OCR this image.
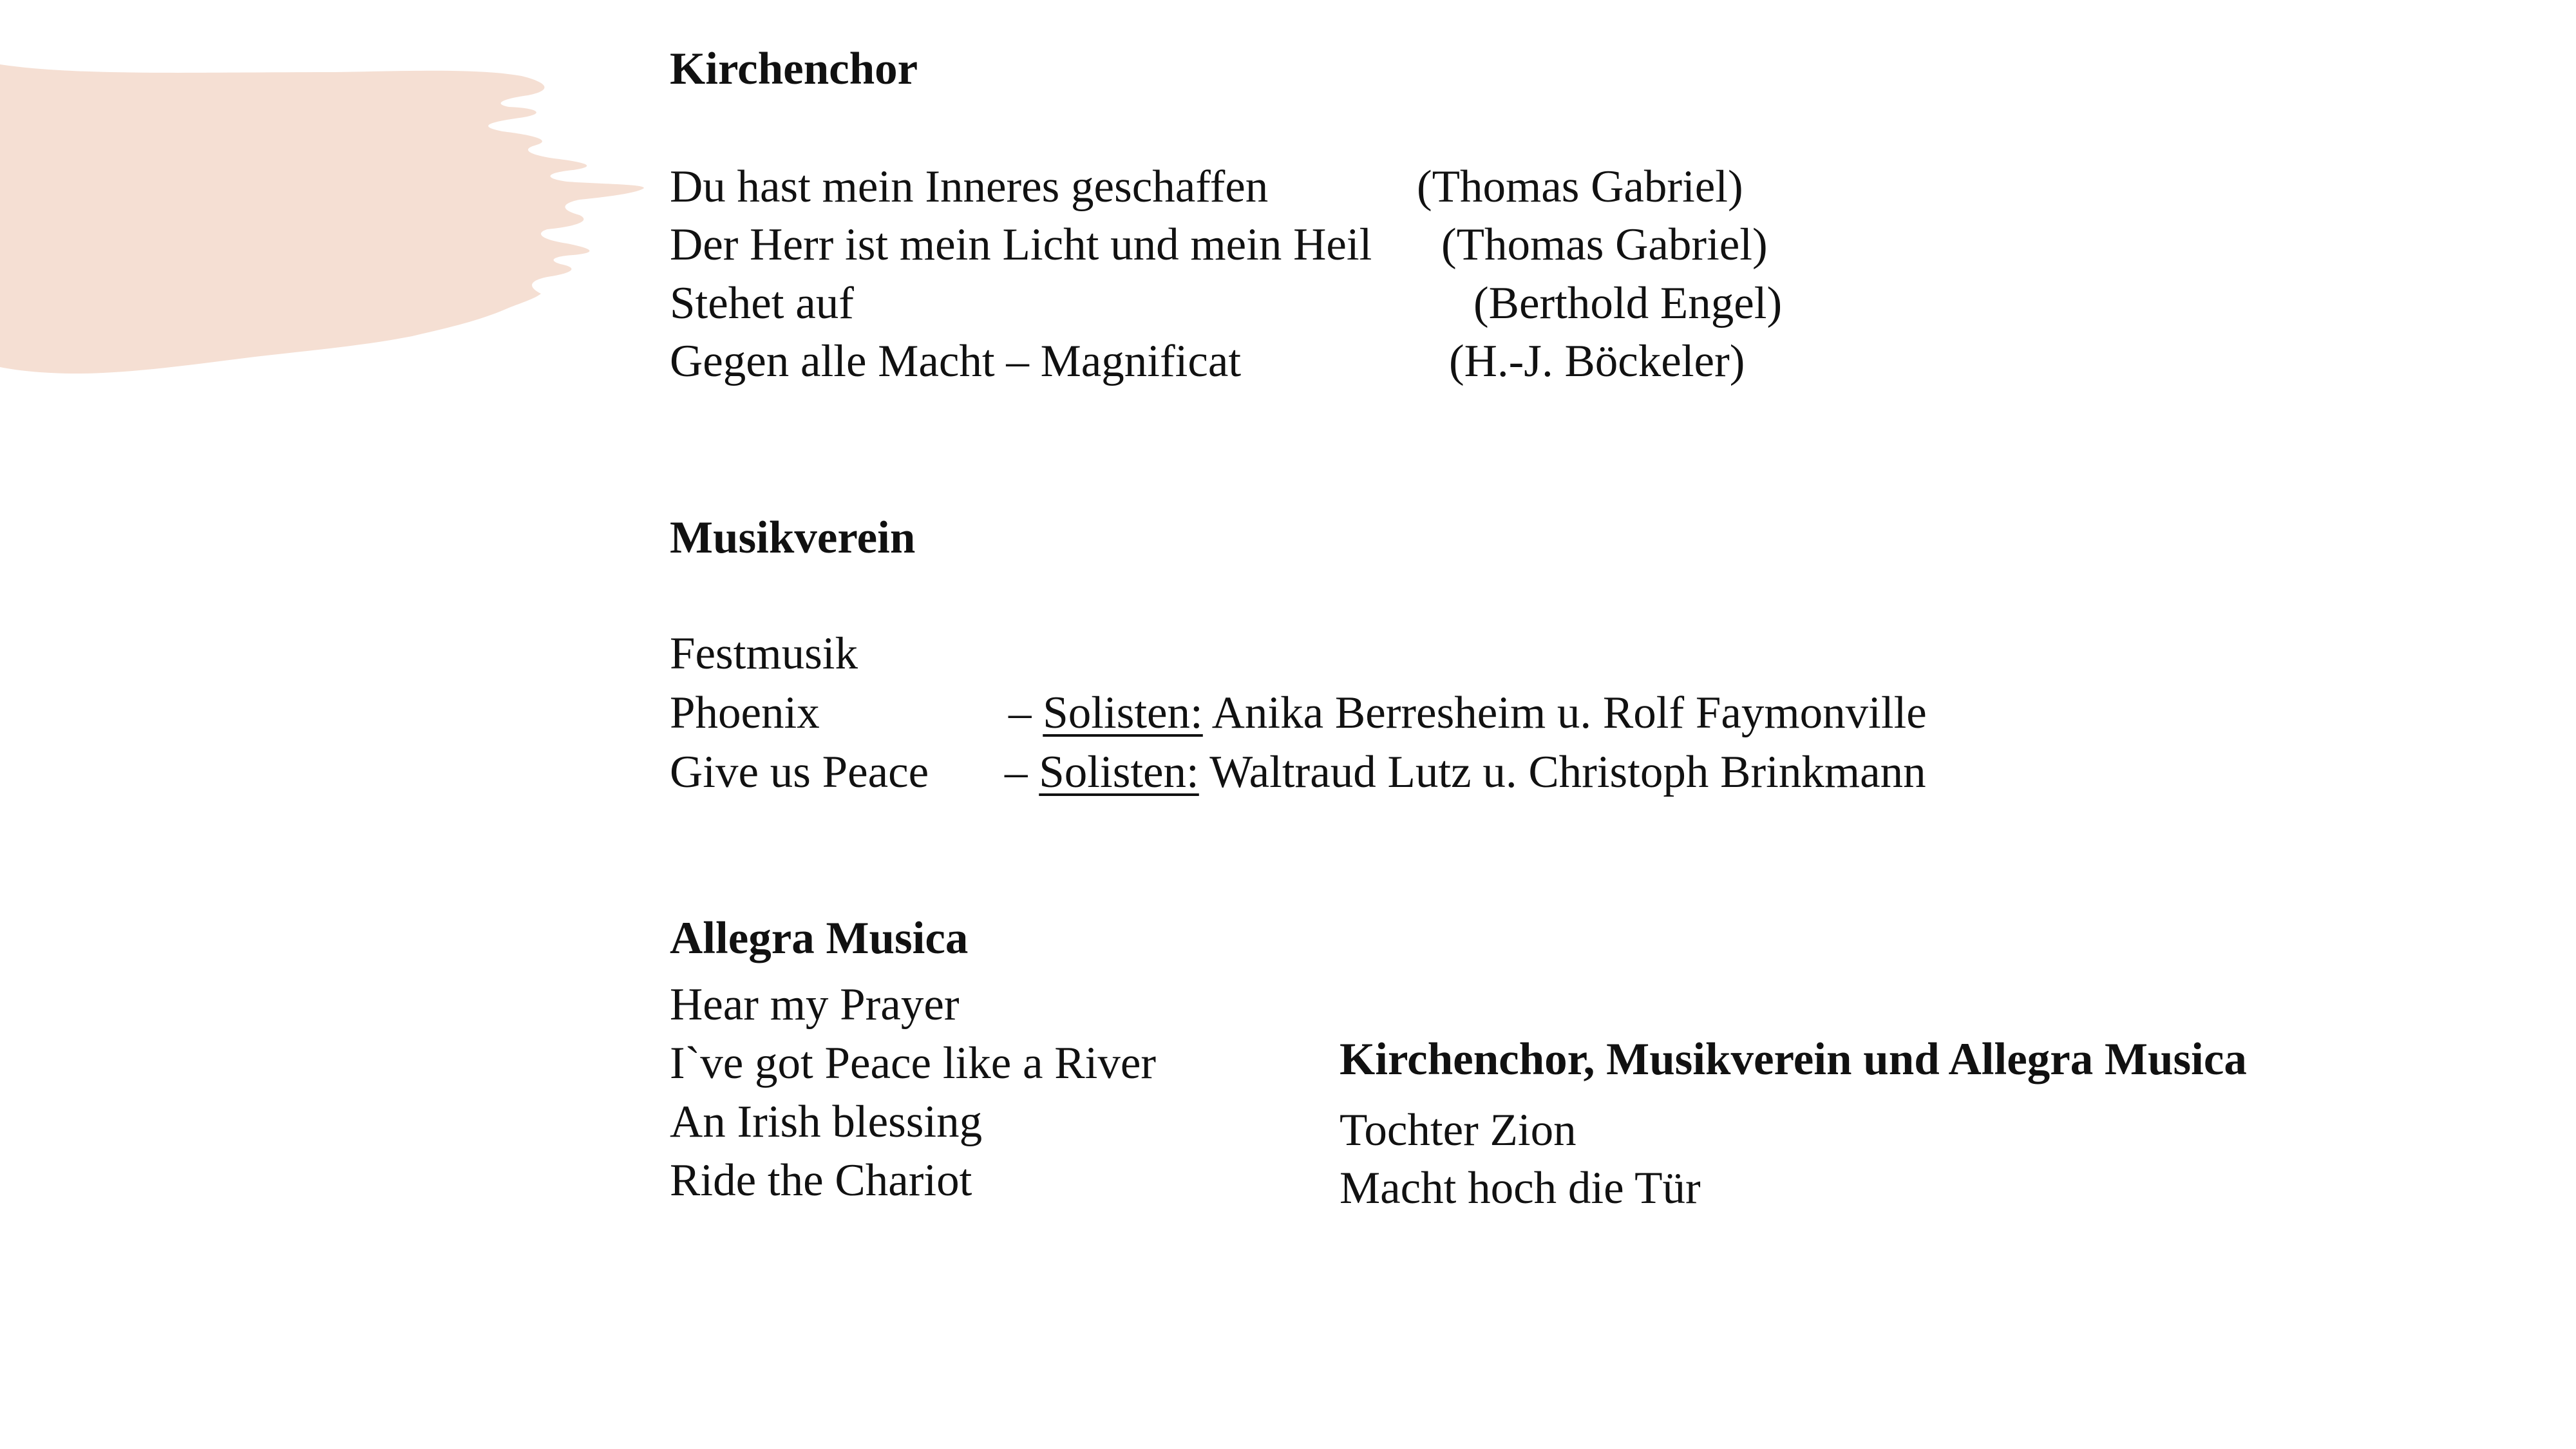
Kirchenchor
Du hast mein Inneres geschaffen	(Thomas Gabriel)
Der Herr ist mein Licht und mein Heil (Thomas Gabriel)
Stehet auf	(Berthold Engel)
Gegen alle Macht – Magnificat	(H.-J. Böckeler)
Musikverein
Festmusik
Phoenix	– Solisten: Anika Berresheim u. Rolf Faymonville
Give us Peace – Solisten: Waltraud Lutz u. Christoph Brinkmann
Allegra Musica
Hear my Prayer
I`ve got Peace like a River
An Irish blessing
Ride the Chariot
Kirchenchor, Musikverein und Allegra Musica
Tochter Zion
Macht hoch die Tür
